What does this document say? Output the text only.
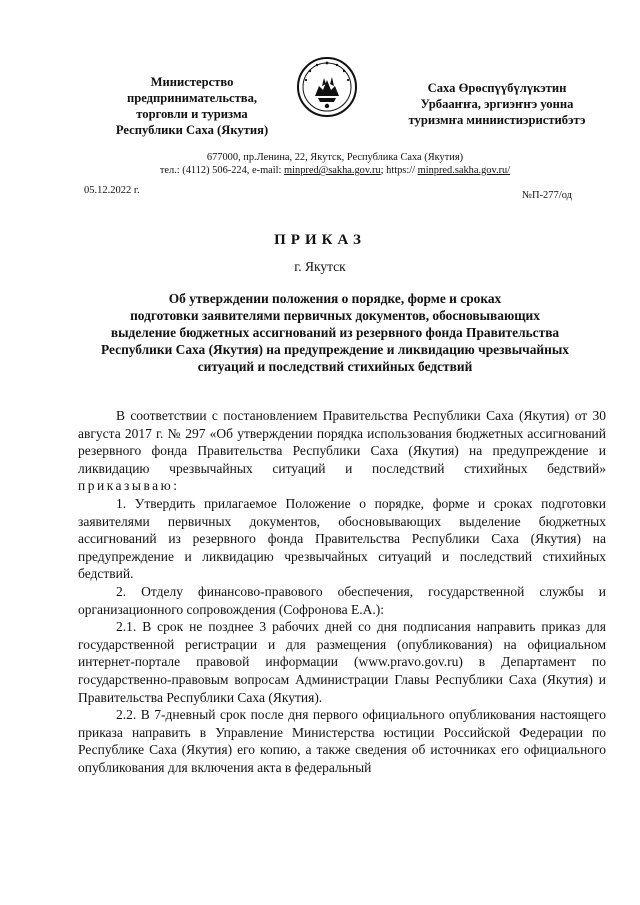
Министерство
предпринимательства,
торговли и туризма
Республики Саха (Якутия)
Саха Өрөспүүбүлүкэтин
Урбааҥҥа, эргиэҥҥэ уонна
туризмҥа миниистиэристибэтэ
677000, пр.Ленина, 22, Якутск, Республика Саха (Якутия)
тел.: (4112) 506-224, e-mail: minpred@sakha.gov.ru; https:// minpred.sakha.gov.ru/
05.12.2022 г.	№П-277/од
ПРИКАЗ
г. Якутск
Об утверждении положения о порядке, форме и сроках
подготовки заявителями первичных документов, обосновывающих
выделение бюджетных ассигнований из резервного фонда Правительства
Республики Саха (Якутия) на предупреждение и ликвидацию чрезвычайных
ситуаций и последствий стихийных бедствий

В соответствии с постановлением Правительства Республики Саха (Якутия) от 30 августа 2017 г. № 297 «Об утверждении порядка использования бюджетных ассигнований резервного фонда Правительства Республики Саха (Якутия) на предупреждение и ликвидацию чрезвычайных ситуаций и последствий стихийных бедствий» приказываю:

1. Утвердить прилагаемое Положение о порядке, форме и сроках подготовки заявителями первичных документов, обосновывающих выделение бюджетных ассигнований из резервного фонда Правительства Республики Саха (Якутия) на предупреждение и ликвидацию чрезвычайных ситуаций и последствий стихийных бедствий.

2. Отделу финансово-правового обеспечения, государственной службы и организационного сопровождения (Софронова Е.А.):

2.1. В срок не позднее 3 рабочих дней со дня подписания направить приказ для государственной регистрации и для размещения (опубликования) на официальном интернет-портале правовой информации (www.pravo.gov.ru) в Департамент по государственно-правовым вопросам Администрации Главы Республики Саха (Якутия) и Правительства Республики Саха (Якутия).

2.2. В 7-дневный срок после дня первого официального опубликования настоящего приказа направить в Управление Министерства юстиции Российской Федерации по Республике Саха (Якутия) его копию, а также сведения об источниках его официального опубликования для включения акта в федеральный
